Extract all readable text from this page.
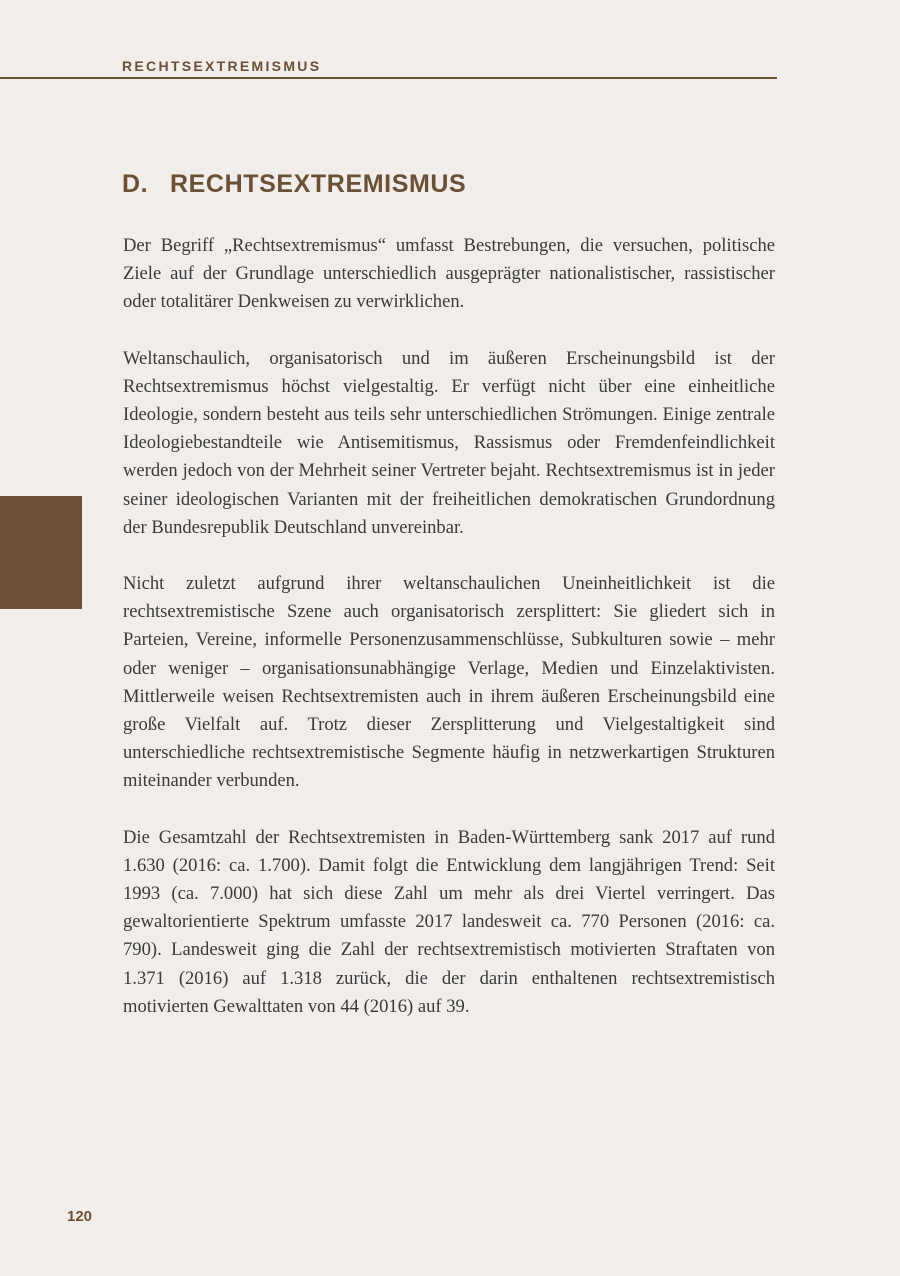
RECHTSEXTREMISMUS
D. RECHTSEXTREMISMUS

Der Begriff „Rechtsextremismus“ umfasst Bestrebungen, die versuchen, politische Ziele auf der Grundlage unterschiedlich ausgeprägter nationalistischer, rassistischer oder totalitärer Denkweisen zu verwirklichen.

Weltanschaulich, organisatorisch und im äußeren Erscheinungsbild ist der Rechtsextremismus höchst vielgestaltig. Er verfügt nicht über eine einheitliche Ideologie, sondern besteht aus teils sehr unterschiedlichen Strömungen. Einige zentrale Ideologiebestandteile wie Antisemitismus, Rassismus oder Fremdenfeindlichkeit werden jedoch von der Mehrheit seiner Vertreter bejaht. Rechtsextremismus ist in jeder seiner ideologischen Varianten mit der freiheitlichen demokratischen Grundordnung der Bundesrepublik Deutschland unvereinbar.

Nicht zuletzt aufgrund ihrer weltanschaulichen Uneinheitlichkeit ist die rechtsextremistische Szene auch organisatorisch zersplittert: Sie gliedert sich in Parteien, Vereine, informelle Personenzusammenschlüsse, Subkulturen sowie – mehr oder weniger – organisationsunabhängige Verlage, Medien und Einzelaktivisten. Mittlerweile weisen Rechtsextremisten auch in ihrem äußeren Erscheinungsbild eine große Vielfalt auf. Trotz dieser Zersplitterung und Vielgestaltigkeit sind unterschiedliche rechtsextremistische Segmente häufig in netzwerkartigen Strukturen miteinander verbunden.

Die Gesamtzahl der Rechtsextremisten in Baden-Württemberg sank 2017 auf rund 1.630 (2016: ca. 1.700). Damit folgt die Entwicklung dem langjährigen Trend: Seit 1993 (ca. 7.000) hat sich diese Zahl um mehr als drei Viertel verringert. Das gewaltorientierte Spektrum umfasste 2017 landesweit ca. 770 Personen (2016: ca. 790). Landesweit ging die Zahl der rechtsextremistisch motivierten Straftaten von 1.371 (2016) auf 1.318 zurück, die der darin enthaltenen rechtsextremistisch motivierten Gewalttaten von 44 (2016) auf 39.

120
